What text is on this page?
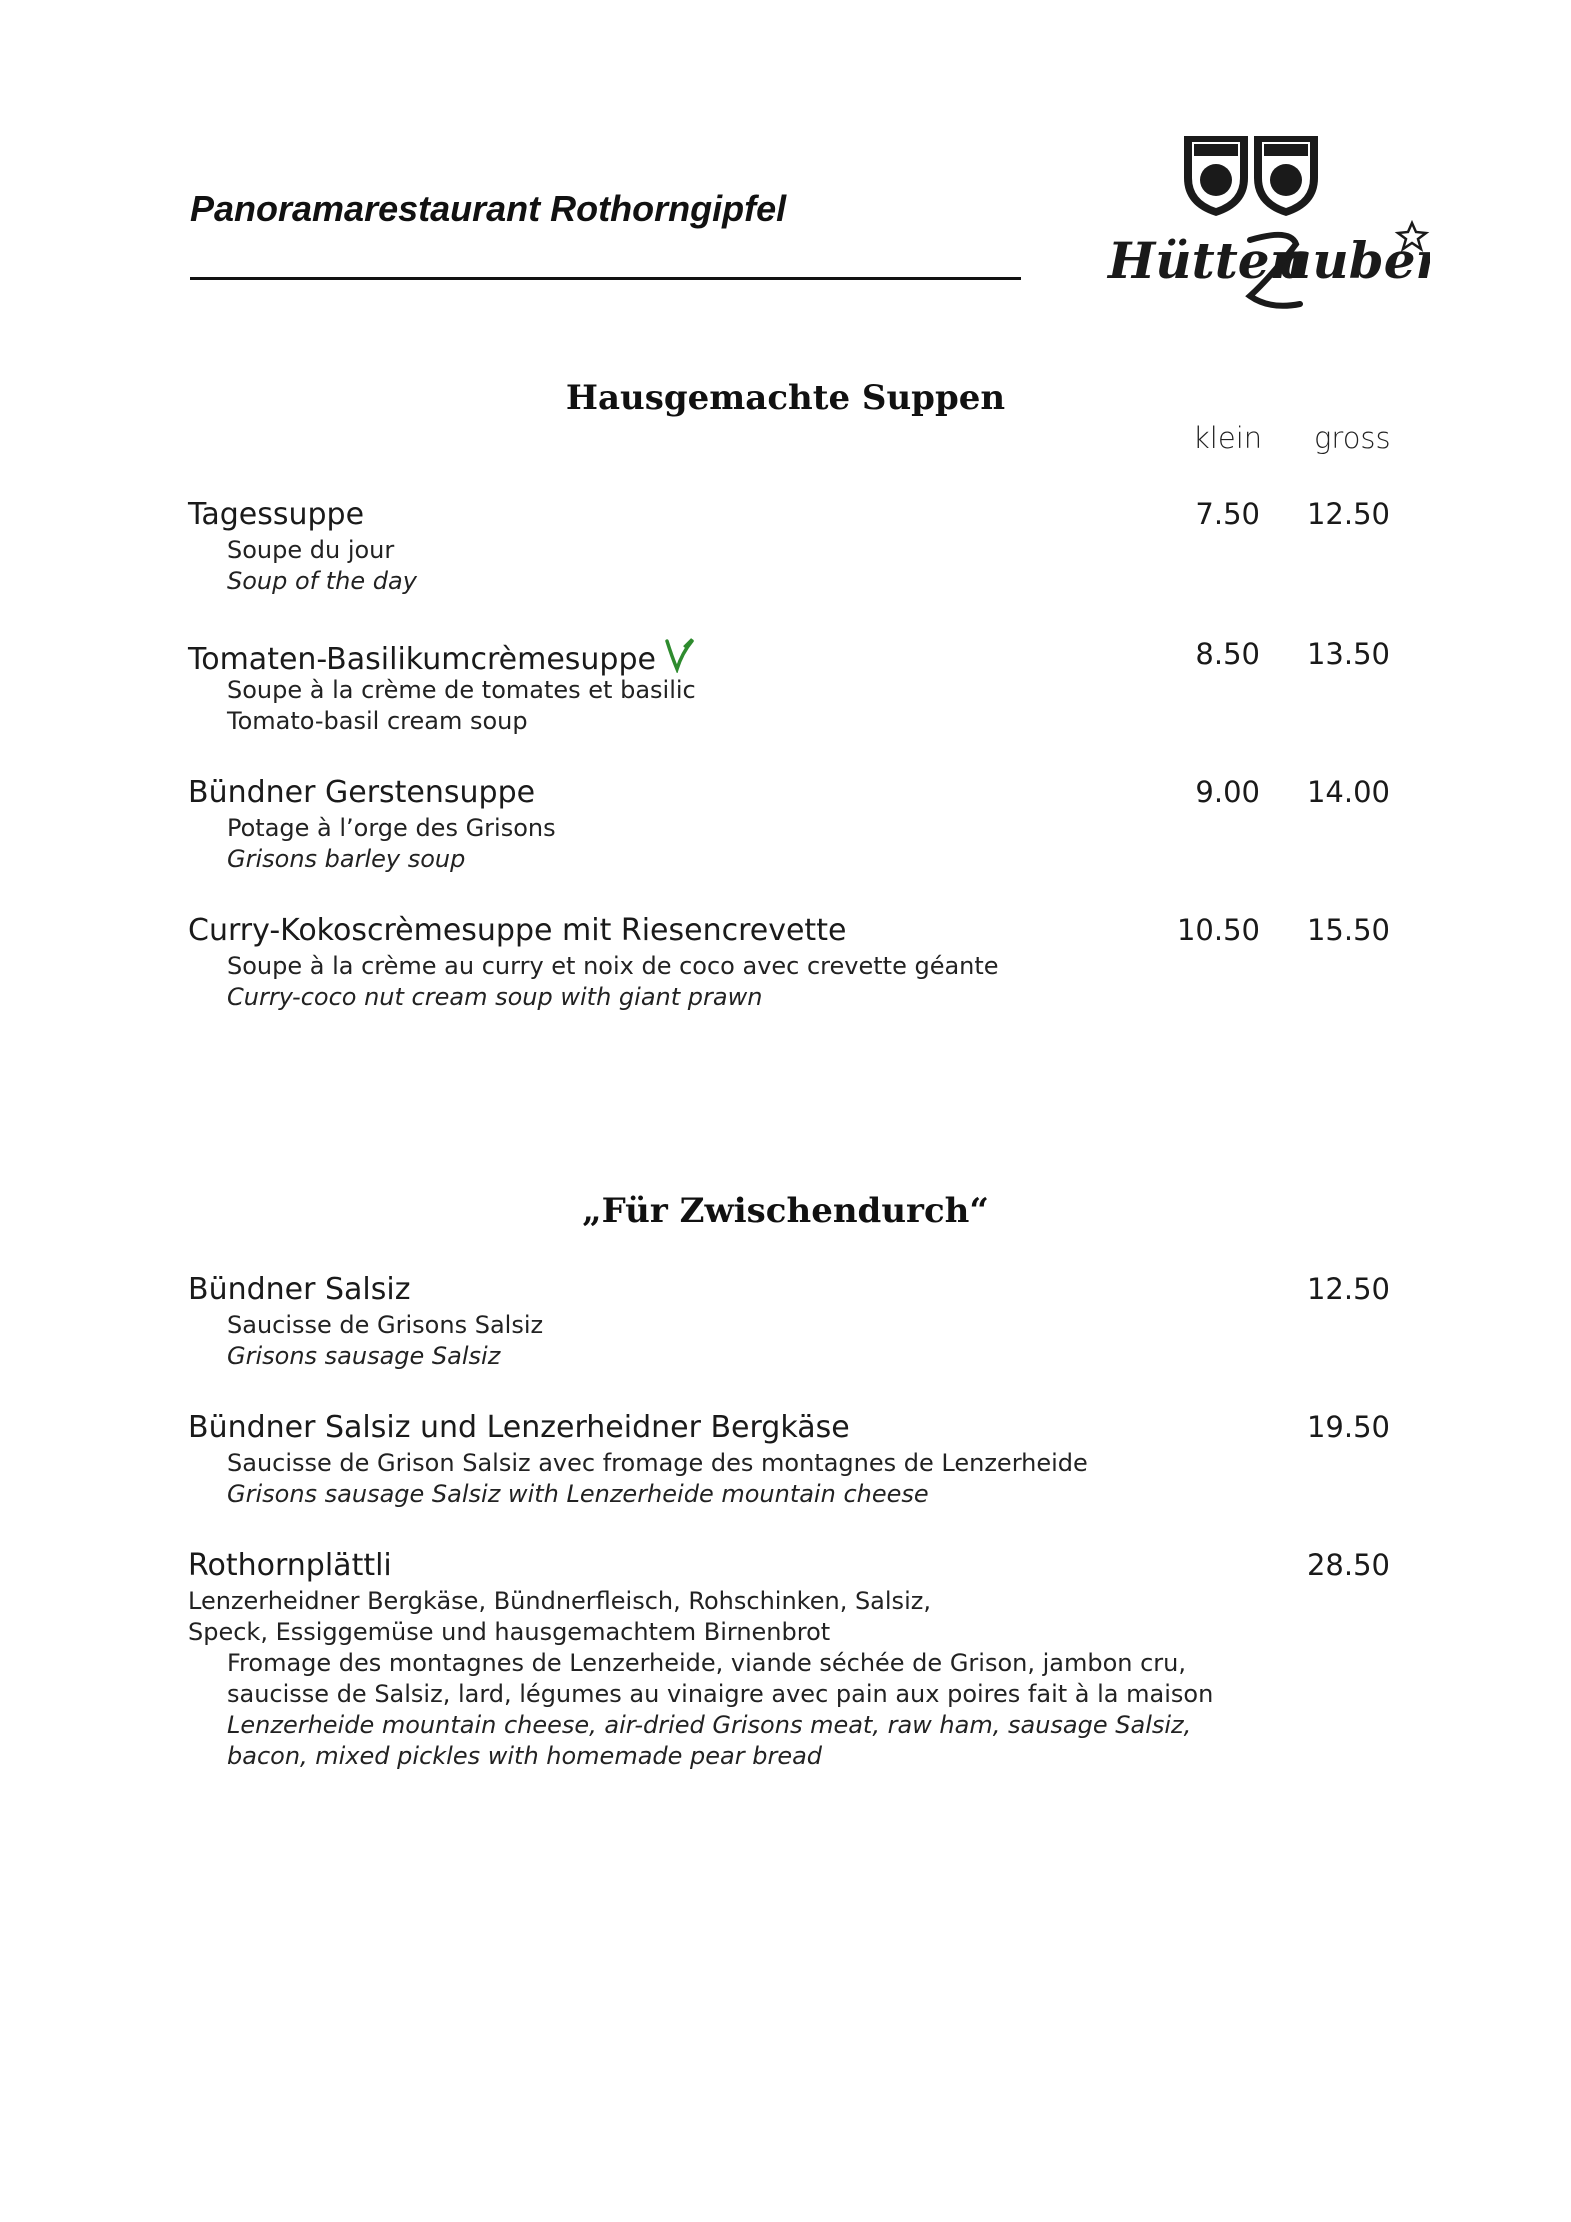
Panoramarestaurant Rothorngipfel
Hütten
auber
Hausgemachte Suppen
klein gross
Tagessuppe	7.50	12.50
Soupe du jour
Soup of the day
Tomaten-Basilikumcrèmesuppe	8.50	13.50
Soupe à la crème de tomates et basilic
Tomato-basil cream soup
Bündner Gerstensuppe	9.00	14.00
Potage à l’orge des Grisons
Grisons barley soup
Curry-Kokoscrèmesuppe mit Riesencrevette	10.50	15.50
Soupe à la crème au curry et noix de coco avec crevette géante
Curry-coco nut cream soup with giant prawn
„Für Zwischendurch“
Bündner Salsiz	12.50
Saucisse de Grisons Salsiz
Grisons sausage Salsiz
Bündner Salsiz und Lenzerheidner Bergkäse	19.50
Saucisse de Grison Salsiz avec fromage des montagnes de Lenzerheide
Grisons sausage Salsiz with Lenzerheide mountain cheese
Rothornplättli	28.50
Lenzerheidner Bergkäse, Bündnerfleisch, Rohschinken, Salsiz,
Speck, Essiggemüse und hausgemachtem Birnenbrot
Fromage des montagnes de Lenzerheide, viande séchée de Grison, jambon cru,
saucisse de Salsiz, lard, légumes au vinaigre avec pain aux poires fait à la maison
Lenzerheide mountain cheese, air-dried Grisons meat, raw ham, sausage Salsiz,
bacon, mixed pickles with homemade pear bread
